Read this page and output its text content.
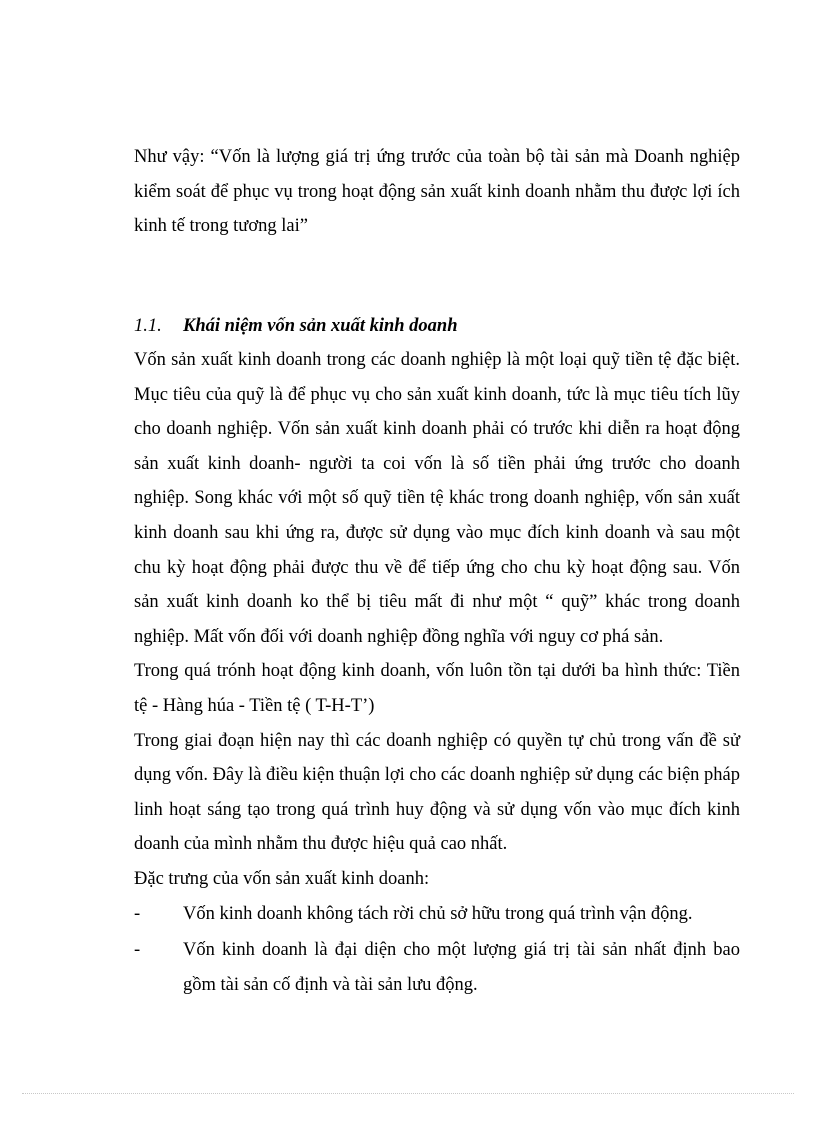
Như vậy: “Vốn là lượng giá trị ứng trước của toàn bộ tài sản mà Doanh nghiệp kiểm soát để phục vụ trong hoạt động sản xuất kinh doanh nhằm thu được lợi ích kinh tế trong tương lai”
1.1. Khái niệm vốn sản xuất kinh doanh

Vốn sản xuất kinh doanh trong các doanh nghiệp là một loại quỹ tiền tệ đặc biệt. Mục tiêu của quỹ là để phục vụ cho sản xuất kinh doanh, tức là mục tiêu tích lũy cho doanh nghiệp. Vốn sản xuất kinh doanh phải có trước khi diễn ra hoạt động sản xuất kinh doanh- người ta coi vốn là số tiền phải ứng trước cho doanh nghiệp. Song khác với một số quỹ tiền tệ khác trong doanh nghiệp, vốn sản xuất kinh doanh sau khi ứng ra, được sử dụng vào mục đích kinh doanh và sau một chu kỳ hoạt động phải được thu về để tiếp ứng cho chu kỳ hoạt động sau. Vốn sản xuất kinh doanh ko thể bị tiêu mất đi như một “ quỹ” khác trong doanh nghiệp. Mất vốn đối với doanh nghiệp đồng nghĩa với nguy cơ phá sản.

Trong quá trónh hoạt động kinh doanh, vốn luôn tồn tại dưới ba hình thức: Tiền tệ - Hàng húa - Tiền tệ ( T-H-T’)

Trong giai đoạn hiện nay thì các doanh nghiệp có quyền tự chủ trong vấn đề sử dụng vốn. Đây là điều kiện thuận lợi cho các doanh nghiệp sử dụng các biện pháp linh hoạt sáng tạo trong quá trình huy động và sử dụng vốn vào mục đích kinh doanh của mình nhằm thu được hiệu quả cao nhất.

Đặc trưng của vốn sản xuất kinh doanh:

-	Vốn kinh doanh không tách rời chủ sở hữu trong quá trình vận động.
-	Vốn kinh doanh là đại diện cho một lượng giá trị tài sản nhất định bao gồm tài sản cố định và tài sản lưu động.
